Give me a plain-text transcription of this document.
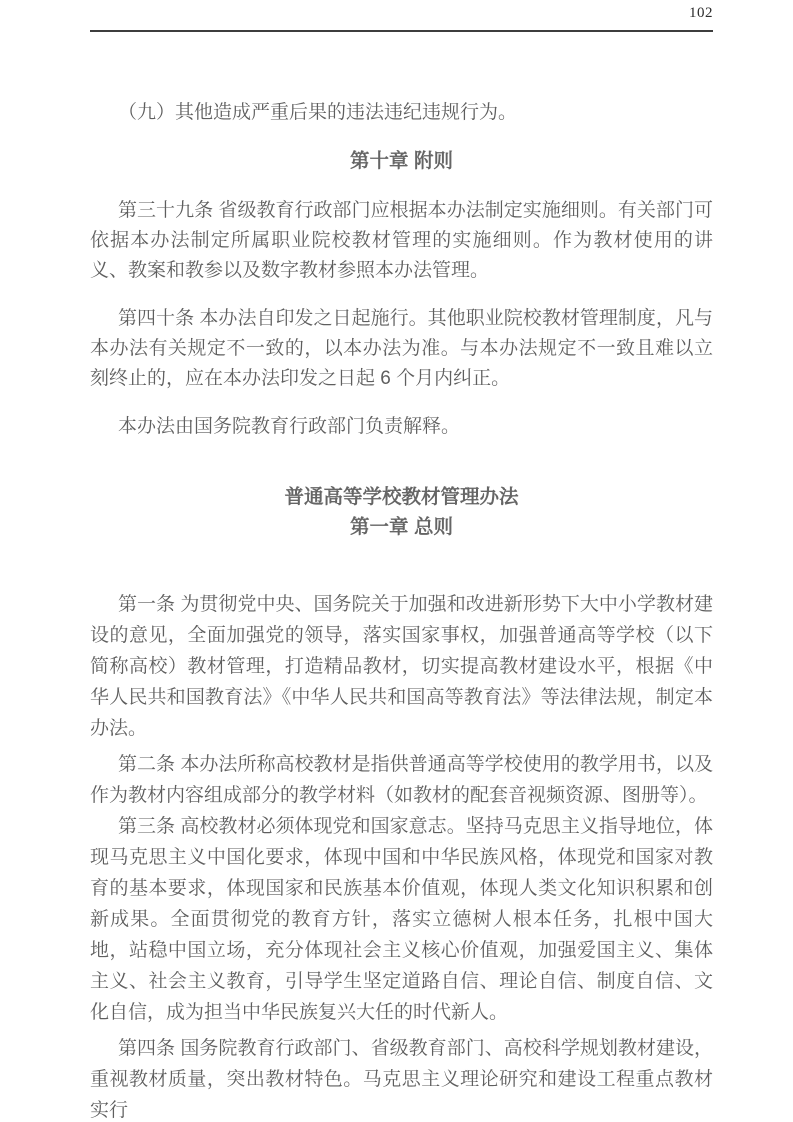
102

（九）其他造成严重后果的违法违纪违规行为。

第十章 附则

第三十九条 省级教育行政部门应根据本办法制定实施细则。有关部门可依据本办法制定所属职业院校教材管理的实施细则。作为教材使用的讲义、教案和教参以及数字教材参照本办法管理。

第四十条 本办法自印发之日起施行。其他职业院校教材管理制度，凡与本办法有关规定不一致的，以本办法为准。与本办法规定不一致且难以立刻终止的，应在本办法印发之日起 6 个月内纠正。

本办法由国务院教育行政部门负责解释。

普通高等学校教材管理办法
第一章 总则

第一条 为贯彻党中央、国务院关于加强和改进新形势下大中小学教材建设的意见，全面加强党的领导，落实国家事权，加强普通高等学校（以下简称高校）教材管理，打造精品教材，切实提高教材建设水平，根据《中华人民共和国教育法》《中华人民共和国高等教育法》等法律法规，制定本办法。

第二条 本办法所称高校教材是指供普通高等学校使用的教学用书，以及作为教材内容组成部分的教学材料（如教材的配套音视频资源、图册等）。

第三条 高校教材必须体现党和国家意志。坚持马克思主义指导地位，体现马克思主义中国化要求，体现中国和中华民族风格，体现党和国家对教育的基本要求，体现国家和民族基本价值观，体现人类文化知识积累和创新成果。全面贯彻党的教育方针，落实立德树人根本任务，扎根中国大地，站稳中国立场，充分体现社会主义核心价值观，加强爱国主义、集体主义、社会主义教育，引导学生坚定道路自信、理论自信、制度自信、文化自信，成为担当中华民族复兴大任的时代新人。

第四条 国务院教育行政部门、省级教育部门、高校科学规划教材建设，重视教材质量，突出教材特色。马克思主义理论研究和建设工程重点教材实行
